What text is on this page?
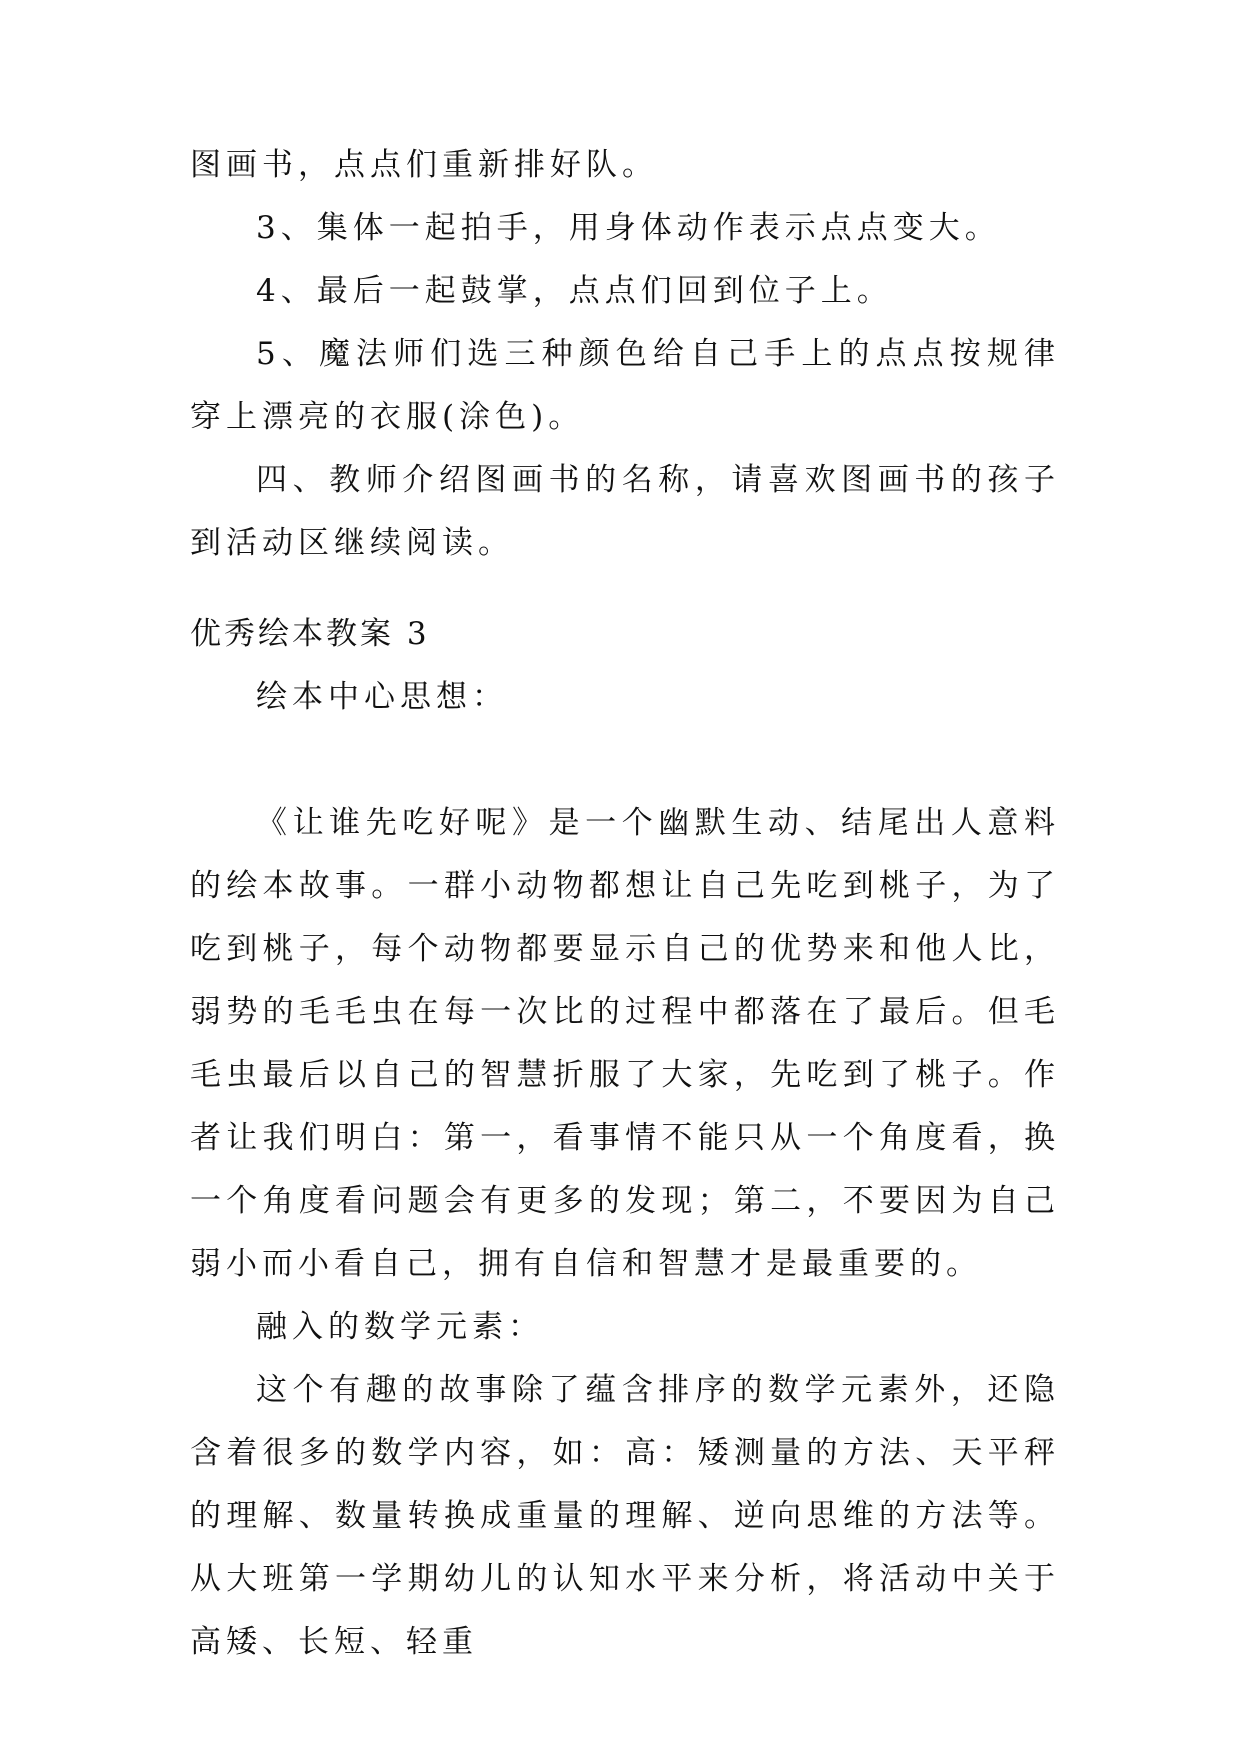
图画书，点点们重新排好队。

3、集体一起拍手，用身体动作表示点点变大。

4、最后一起鼓掌，点点们回到位子上。

5、魔法师们选三种颜色给自己手上的点点按规律穿上漂亮的衣服(涂色)。

四、教师介绍图画书的名称，请喜欢图画书的孩子到活动区继续阅读。

优秀绘本教案 3

绘本中心思想：

《让谁先吃好呢》是一个幽默生动、结尾出人意料的绘本故事。一群小动物都想让自己先吃到桃子，为了吃到桃子，每个动物都要显示自己的优势来和他人比，弱势的毛毛虫在每一次比的过程中都落在了最后。但毛毛虫最后以自己的智慧折服了大家，先吃到了桃子。作者让我们明白：第一，看事情不能只从一个角度看，换一个角度看问题会有更多的发现；第二，不要因为自己弱小而小看自己，拥有自信和智慧才是最重要的。

融入的数学元素：

这个有趣的故事除了蕴含排序的数学元素外，还隐含着很多的数学内容，如：高：矮测量的方法、天平秤的理解、数量转换成重量的理解、逆向思维的方法等。从大班第一学期幼儿的认知水平来分析，将活动中关于高矮、长短、轻重
